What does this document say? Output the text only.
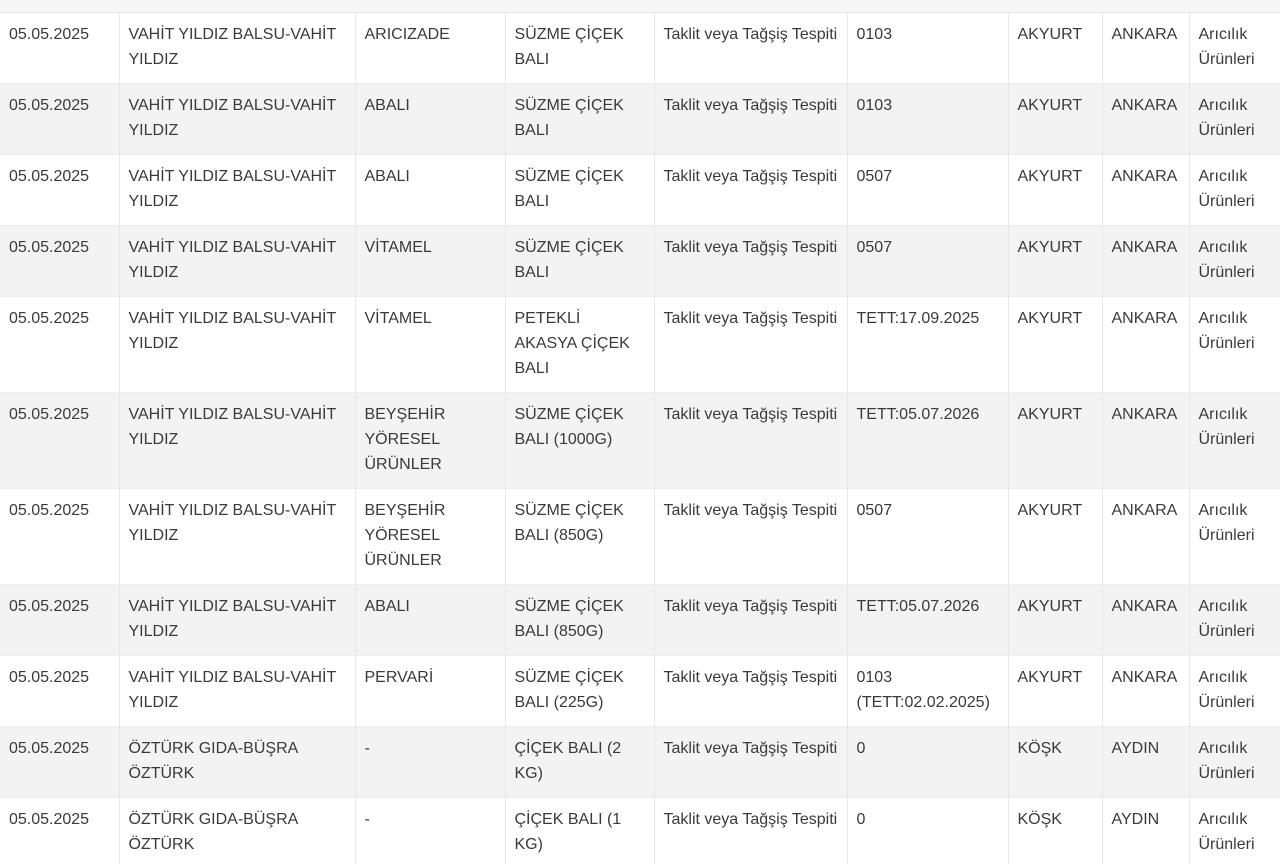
05.05.2025	VAHİT YILDIZ BALSU-VAHİT YILDIZ	ARICIZADE	SÜZME ÇİÇEK BALI	Taklit veya Tağşiş Tespiti	0103	AKYURT	ANKARA	Arıcılık Ürünleri
05.05.2025	VAHİT YILDIZ BALSU-VAHİT YILDIZ	ABALI	SÜZME ÇİÇEK BALI	Taklit veya Tağşiş Tespiti	0103	AKYURT	ANKARA	Arıcılık Ürünleri
05.05.2025	VAHİT YILDIZ BALSU-VAHİT YILDIZ	ABALI	SÜZME ÇİÇEK BALI	Taklit veya Tağşiş Tespiti	0507	AKYURT	ANKARA	Arıcılık Ürünleri
05.05.2025	VAHİT YILDIZ BALSU-VAHİT YILDIZ	VİTAMEL	SÜZME ÇİÇEK BALI	Taklit veya Tağşiş Tespiti	0507	AKYURT	ANKARA	Arıcılık Ürünleri
05.05.2025	VAHİT YILDIZ BALSU-VAHİT YILDIZ	VİTAMEL	PETEKLİ AKASYA ÇİÇEK BALI	Taklit veya Tağşiş Tespiti	TETT:17.09.2025	AKYURT	ANKARA	Arıcılık Ürünleri
05.05.2025	VAHİT YILDIZ BALSU-VAHİT YILDIZ	BEYŞEHİR YÖRESEL ÜRÜNLER	SÜZME ÇİÇEK BALI (1000G)	Taklit veya Tağşiş Tespiti	TETT:05.07.2026	AKYURT	ANKARA	Arıcılık Ürünleri
05.05.2025	VAHİT YILDIZ BALSU-VAHİT YILDIZ	BEYŞEHİR YÖRESEL ÜRÜNLER	SÜZME ÇİÇEK BALI (850G)	Taklit veya Tağşiş Tespiti	0507	AKYURT	ANKARA	Arıcılık Ürünleri
05.05.2025	VAHİT YILDIZ BALSU-VAHİT YILDIZ	ABALI	SÜZME ÇİÇEK BALI (850G)	Taklit veya Tağşiş Tespiti	TETT:05.07.2026	AKYURT	ANKARA	Arıcılık Ürünleri
05.05.2025	VAHİT YILDIZ BALSU-VAHİT YILDIZ	PERVARİ	SÜZME ÇİÇEK BALI (225G)	Taklit veya Tağşiş Tespiti	0103 (TETT:02.02.2025)	AKYURT	ANKARA	Arıcılık Ürünleri
05.05.2025	ÖZTÜRK GIDA-BÜŞRA ÖZTÜRK	-	ÇİÇEK BALI (2 KG)	Taklit veya Tağşiş Tespiti	0	KÖŞK	AYDIN	Arıcılık Ürünleri
05.05.2025	ÖZTÜRK GIDA-BÜŞRA ÖZTÜRK	-	ÇİÇEK BALI (1 KG)	Taklit veya Tağşiş Tespiti	0	KÖŞK	AYDIN	Arıcılık Ürünleri
